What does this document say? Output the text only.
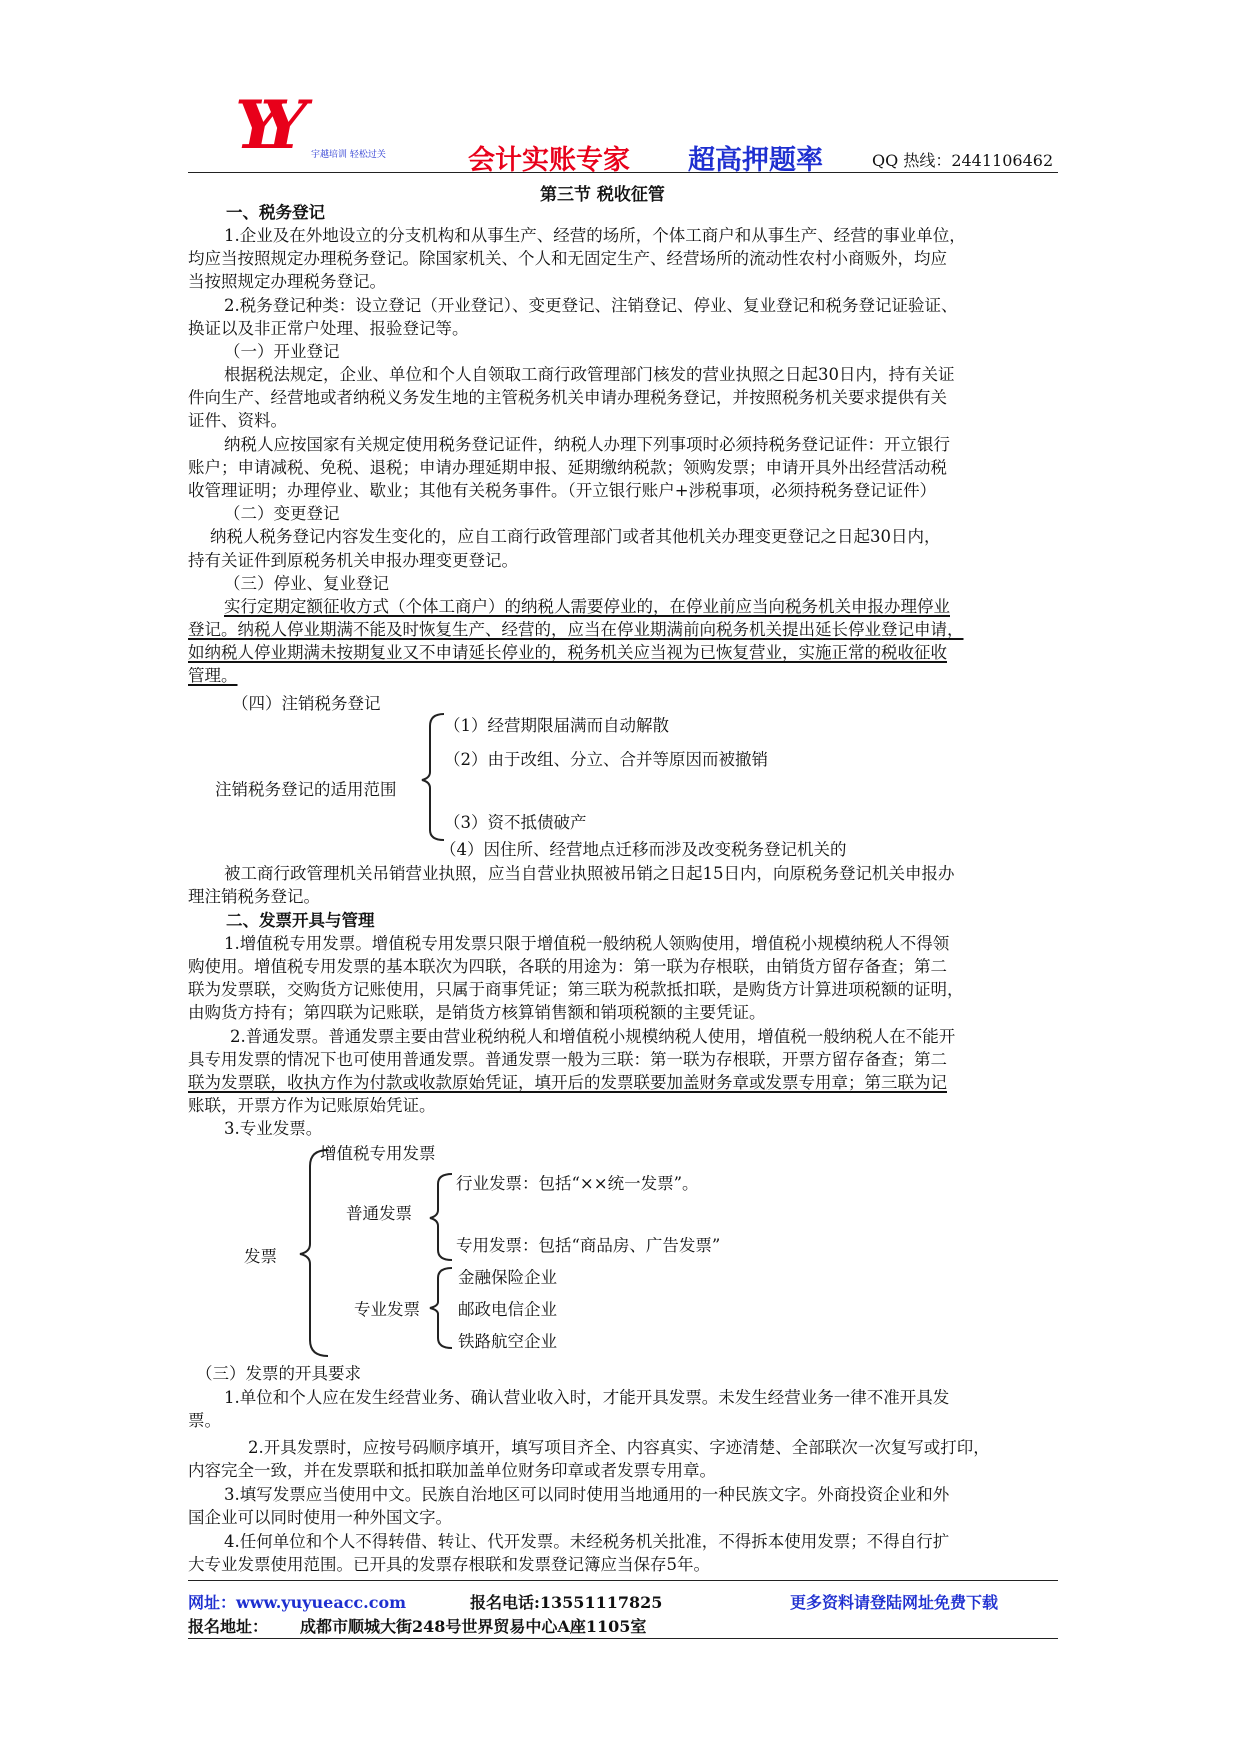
YY	宇越培训 轻松过关	会计实账专家 超高押题率	QQ 热线：2441106462
第三节 税收征管
一、税务登记
1.企业及在外地设立的分支机构和从事生产、经营的场所，个体工商户和从事生产、经营的事业单位，
均应当按照规定办理税务登记。除国家机关、个人和无固定生产、经营场所的流动性农村小商贩外，均应
当按照规定办理税务登记。
2.税务登记种类：设立登记（开业登记）、变更登记、注销登记、停业、复业登记和税务登记证验证、
换证以及非正常户处理、报验登记等。
（一）开业登记
根据税法规定，企业、单位和个人自领取工商行政管理部门核发的营业执照之日起30日内，持有关证
件向生产、经营地或者纳税义务发生地的主管税务机关申请办理税务登记，并按照税务机关要求提供有关
证件、资料。
纳税人应按国家有关规定使用税务登记证件，纳税人办理下列事项时必须持税务登记证件：开立银行
账户；申请减税、免税、退税；申请办理延期申报、延期缴纳税款；领购发票；申请开具外出经营活动税
收管理证明；办理停业、歇业；其他有关税务事件。（开立银行账户+涉税事项，必须持税务登记证件）
（二）变更登记
纳税人税务登记内容发生变化的，应自工商行政管理部门或者其他机关办理变更登记之日起30日内，
持有关证件到原税务机关申报办理变更登记。
（三）停业、复业登记
实行定期定额征收方式（个体工商户）的纳税人需要停业的，在停业前应当向税务机关申报办理停业
登记。纳税人停业期满不能及时恢复生产、经营的，应当在停业期满前向税务机关提出延长停业登记申请，
如纳税人停业期满未按期复业又不申请延长停业的，税务机关应当视为已恢复营业，实施正常的税收征收
管理。
（四）注销税务登记
注销税务登记的适用范围
（1）经营期限届满而自动解散
（2）由于改组、分立、合并等原因而被撤销
（3）资不抵债破产
（4）因住所、经营地点迁移而涉及改变税务登记机关的
被工商行政管理机关吊销营业执照，应当自营业执照被吊销之日起15日内，向原税务登记机关申报办
理注销税务登记。
二、发票开具与管理
1.增值税专用发票。增值税专用发票只限于增值税一般纳税人领购使用，增值税小规模纳税人不得领
购使用。增值税专用发票的基本联次为四联，各联的用途为：第一联为存根联，由销货方留存备查；第二
联为发票联，交购货方记账使用，只属于商事凭证；第三联为税款抵扣联，是购货方计算进项税额的证明，
由购货方持有；第四联为记账联，是销货方核算销售额和销项税额的主要凭证。
2.普通发票。普通发票主要由营业税纳税人和增值税小规模纳税人使用，增值税一般纳税人在不能开
具专用发票的情况下也可使用普通发票。普通发票一般为三联：第一联为存根联，开票方留存备查；第二
联为发票联，收执方作为付款或收款原始凭证，填开后的发票联要加盖财务章或发票专用章；第三联为记
账联，开票方作为记账原始凭证。
3.专业发票。
发票
增值税专用发票
普通发票
行业发票：包括“××统一发票”。
专用发票：包括“商品房、广告发票”
专业发票
金融保险企业
邮政电信企业
铁路航空企业
（三）发票的开具要求
1.单位和个人应在发生经营业务、确认营业收入时，才能开具发票。未发生经营业务一律不准开具发
票。
2.开具发票时，应按号码顺序填开，填写项目齐全、内容真实、字迹清楚、全部联次一次复写或打印，
内容完全一致，并在发票联和抵扣联加盖单位财务印章或者发票专用章。
3.填写发票应当使用中文。民族自治地区可以同时使用当地通用的一种民族文字。外商投资企业和外
国企业可以同时使用一种外国文字。
4.任何单位和个人不得转借、转让、代开发票。未经税务机关批准，不得拆本使用发票；不得自行扩
大专业发票使用范围。已开具的发票存根联和发票登记簿应当保存5年。
网址：www.yuyueacc.com	报名电话:13551117825	更多资料请登陆网址免费下载
报名地址： 成都市顺城大街248号世界贸易中心A座1105室
